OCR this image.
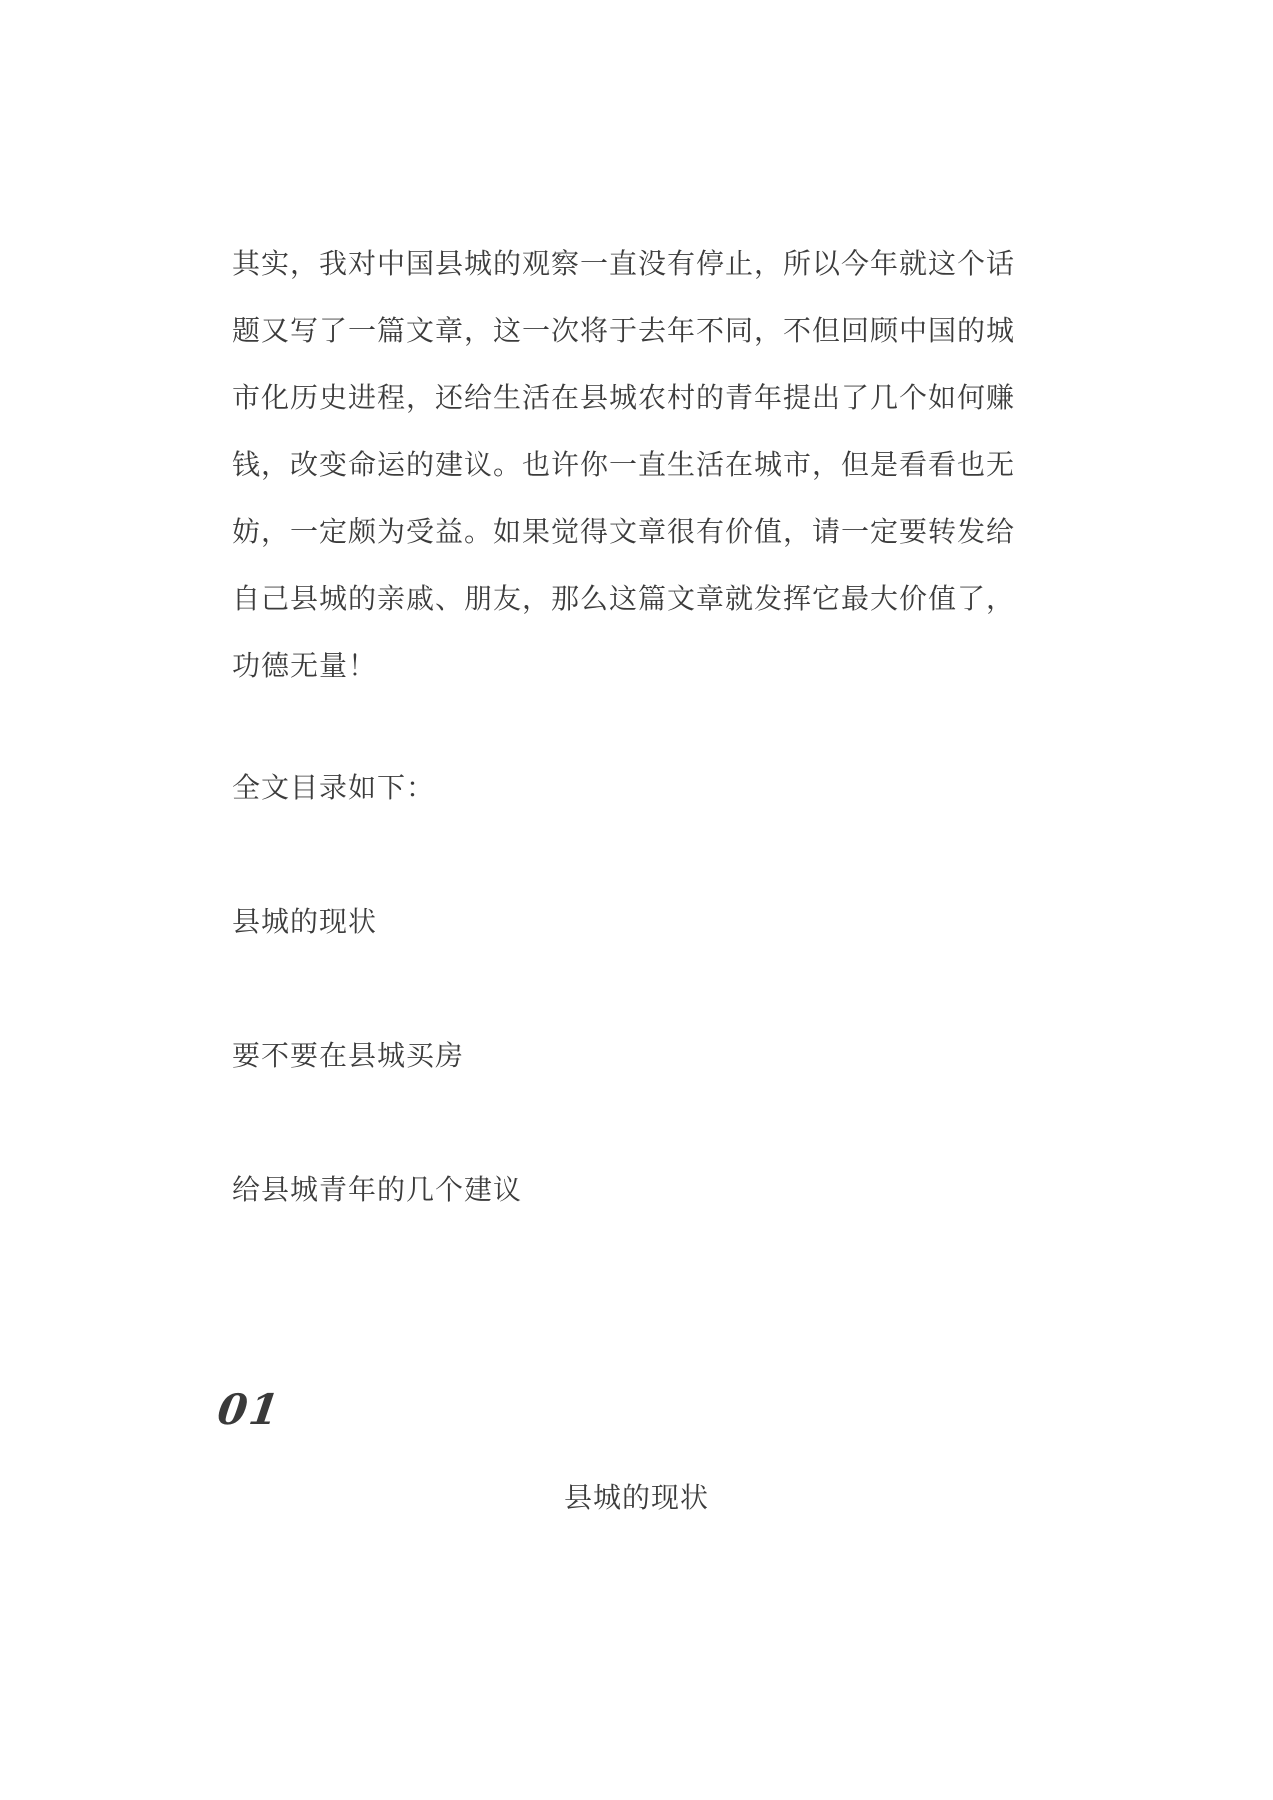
其实，我对中国县城的观察一直没有停止，所以今年就这个话
题又写了一篇文章，这一次将于去年不同，不但回顾中国的城
市化历史进程，还给生活在县城农村的青年提出了几个如何赚
钱，改变命运的建议。也许你一直生活在城市，但是看看也无
妨，一定颇为受益。如果觉得文章很有价值，请一定要转发给
自己县城的亲戚、朋友，那么这篇文章就发挥它最大价值了，
功德无量！

全文目录如下：
县城的现状
要不要在县城买房
给县城青年的几个建议
01
县城的现状
